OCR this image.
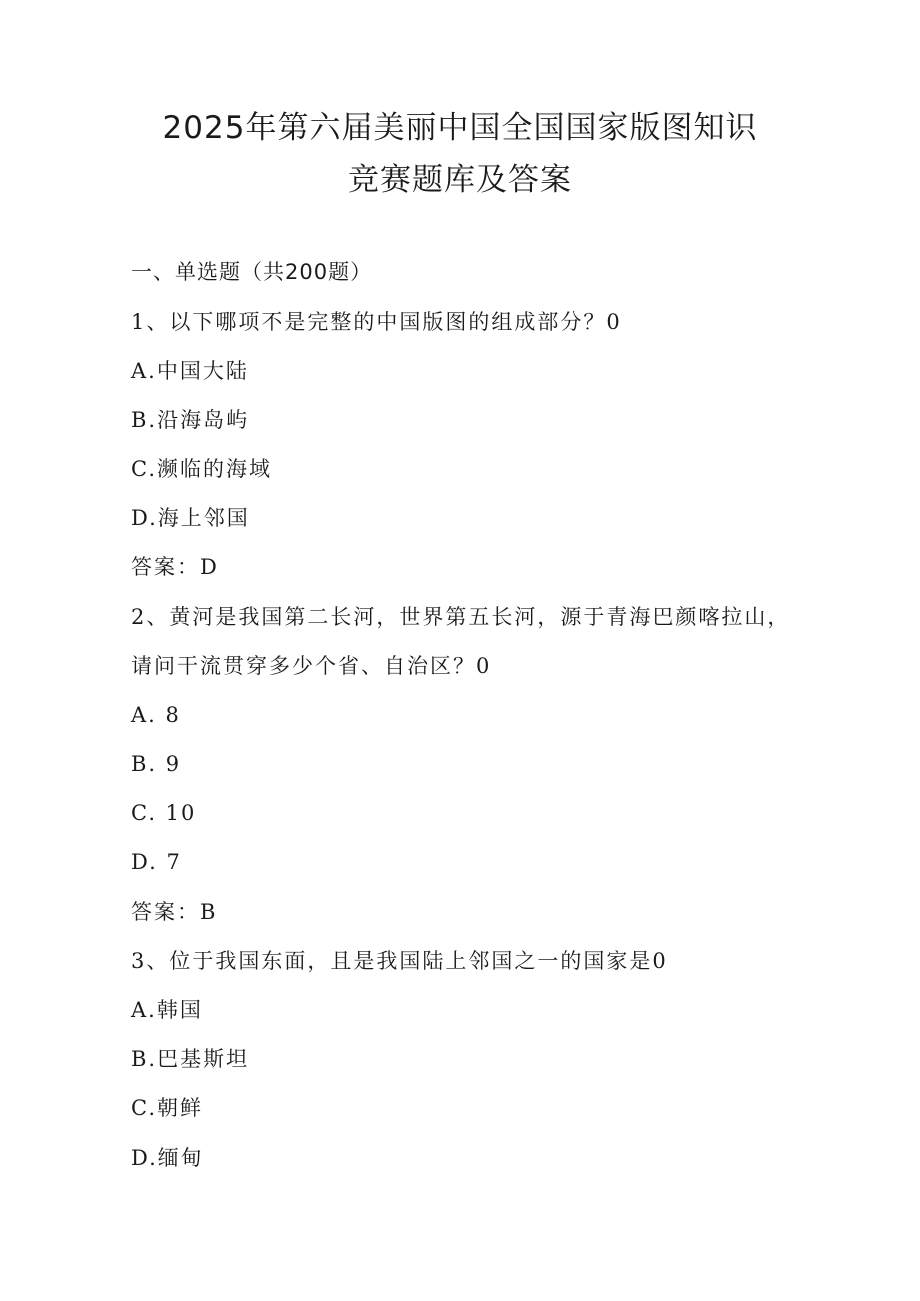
2025年第六届美丽中国全国国家版图知识
竞赛题库及答案
一、单选题（共200题）
1、以下哪项不是完整的中国版图的组成部分？0
A.中国大陆
B.沿海岛屿
C.濒临的海域
D.海上邻国
答案：D
2、黄河是我国第二长河，世界第五长河，源于青海巴颜喀拉山，
请问干流贯穿多少个省、自治区？0
A. 8
B. 9
C. 10
D. 7
答案：B
3、位于我国东面，且是我国陆上邻国之一的国家是0
A.韩国
B.巴基斯坦
C.朝鲜
D.缅甸
